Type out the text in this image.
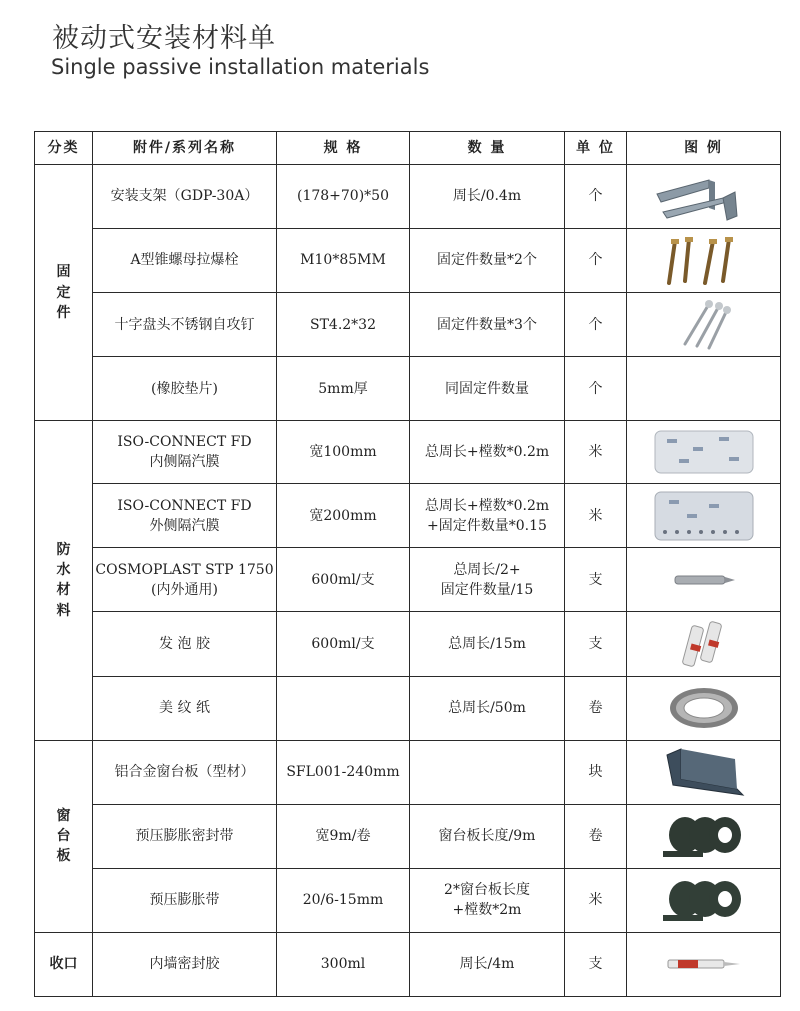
被动式安装材料单
Single passive installation materials
分类	附件/系列名称	规 格	数 量	单 位	图 例

固
定
件	安装支架（GDP-30A）	(178+70)*50	周长/0.4m	个	

	A型锥螺母拉爆栓	M10*85MM	固定件数量*2个	个	

	十字盘头不锈钢自攻钉	ST4.2*32	固定件数量*3个	个	

	(橡胶垫片)	5mm厚	同固定件数量	个	

防
水
材
料	ISO-CONNECT FD
内侧隔汽膜	宽100mm	总周长+樘数*0.2m	米	

	ISO-CONNECT FD
外侧隔汽膜	宽200mm	总周长+樘数*0.2m
+固定件数量*0.15	米	

	COSMOPLAST STP 1750
(内外通用)	600ml/支	总周长/2+
固定件数量/15	支	

	发 泡 胶	600ml/支	总周长/15m	支	

	美 纹 纸		总周长/50m	卷	

窗
台
板	铝合金窗台板（型材）	SFL001-240mm		块	

	预压膨胀密封带	宽9m/卷	窗台板长度/9m	卷	

	预压膨胀带	20/6-15mm	2*窗台板长度
+樘数*2m	米	

收口	内墙密封胶	300ml	周长/4m	支	
